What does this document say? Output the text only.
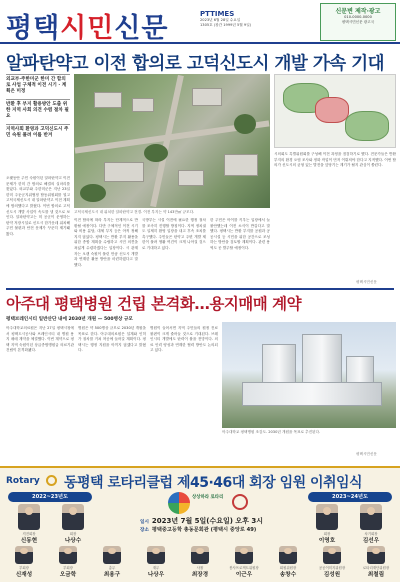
평택시민신문	PTTIMES
2023년 6월 28일 수요일
1305호 (창간 1999년 5월 9일)
신문변 제작·광고
010-0000-0000
평택시민신문 광고국
알파탄약고 이전 합의로 고덕신도시 개발 가속 기대
외교부·주한미군 한미 간 합의로 사업 구체적 이전 시기 · 계획은 미정
반환 후 부지 활용방안 도출 위한 지역 사회 의견 수렴 절차 필요
지역사회 환영과 고덕신도시 주민 숙원 풀려 이를 반겨
고덕국제신도시 내 위치한 알파탄약고 전경. 이전 부지는 약 143만㎡ 규모다.

오랫동안 주민 숙원이던 알파탄약고 이전 문제가 한미 간 합의로 해결의 실마리를 찾았다. 외교부와 주한미군은 지난 23일 한미 주둔군지위협정 합동위원회를 열고 고덕국제신도시 내 알파탄약고 이전 계획에 합의했다고 밝혔다. 이번 합의로 고덕신도시 개발 사업이 속도를 낼 것으로 보인다. 알파탄약고는 미 공군이 운영하는 탄약 저장시설로 신도시 한가운데 위치해 주민 불편과 안전 문제가 꾸준히 제기돼 왔다.

이전 합의에 따라 부지는 단계적으로 반환될 예정이다. 다만 구체적인 이전 시기와 비용 분담, 대체 부지 등은 아직 정해지지 않았다. 평택시는 반환 부지 활용을 위한 종합 계획을 수립하고 시민 의견을 폭넓게 수렴하겠다는 입장이다. 시 관계자는 오랜 숙원이 풀린 만큼 신도시 개발과 연계한 활용 방안을 마련하겠다고 말했다.

국방부는 시설 이전에 필요한 행정 절차를 조속히 진행할 방침이다. 지역 정치권도 일제히 환영 입장을 내고 후속 조치를 촉구했다. 주민들은 탄약고 주변 개발 제한이 풀려 생활 여건이 크게 나아질 것으로 기대하고 있다.

한 주민은 아이를 키우는 입장에서 늘 불안했는데 이전 소식이 반갑다고 말했다. 평택시는 반환 부지를 공원과 공공시설 등 시민을 위한 공간으로 조성하는 방안을 검토할 계획이다. 관련 용역도 곧 발주할 예정이다.

시의회도 특별위원회를 구성해 이전 과정을 점검하기로 했다. 전문가들은 반환 부지의 환경 오염 조사와 정화 작업이 먼저 이뤄져야 한다고 지적했다. 이번 합의가 신도시의 균형 있는 발전을 앞당기는 계기가 될지 관심이 쏠린다.

평택시민신문
아주대 평택병원 건립 본격화…용지매매 계약
평택브레인시티 일반산단 내에 2030년 개원 — 500병상 규모

아주대학교의료원은 지난 27일 평택시청에서 평택도시공사와 브레인시티 내 병원 용지 매매 계약을 체결했다. 이번 계약으로 평택 지역 숙원이던 상급종합병원급 의료기관 건립이 본격화됐다.

병원은 약 500병상 규모로 2030년 개원을 목표로 한다. 아주대의료원은 설계와 인허가 절차를 거쳐 착공에 들어갈 계획이다. 평택시는 행정 지원을 아끼지 않겠다고 밝혔다.

병원이 들어서면 지역 주민들의 원정 진료 불편이 크게 줄어들 것으로 기대된다. 브레인시티 개발에도 탄력이 붙을 전망이다. 의료 인력 양성과 연계한 협력 방안도 논의되고 있다.

아주대학교 평택병원 조감도. 2030년 개원을 목표로 추진된다.
평택시민신문
Rotary 동평택 로타리클럽 제45·46대 회장 임원 이취임식
2022~23년도	2023~24년도
상상하라 로타리
일시 2023년 7월 5일(수요일) 오후 3시
장소 평택중고등학 총동문회관 (평택시 중앙로 49)
직전회장
신동현
회장
나상수
회장
이영호
차기회장
김선우
부회장
신재성
부회장
오금학
총무
최용구
재무
나상우
사찰
최장경
봉사프로젝트위원장
이근우
회원위원장
송창수
공공이미지위원장
김성원
로타리재단위원장
최철림
